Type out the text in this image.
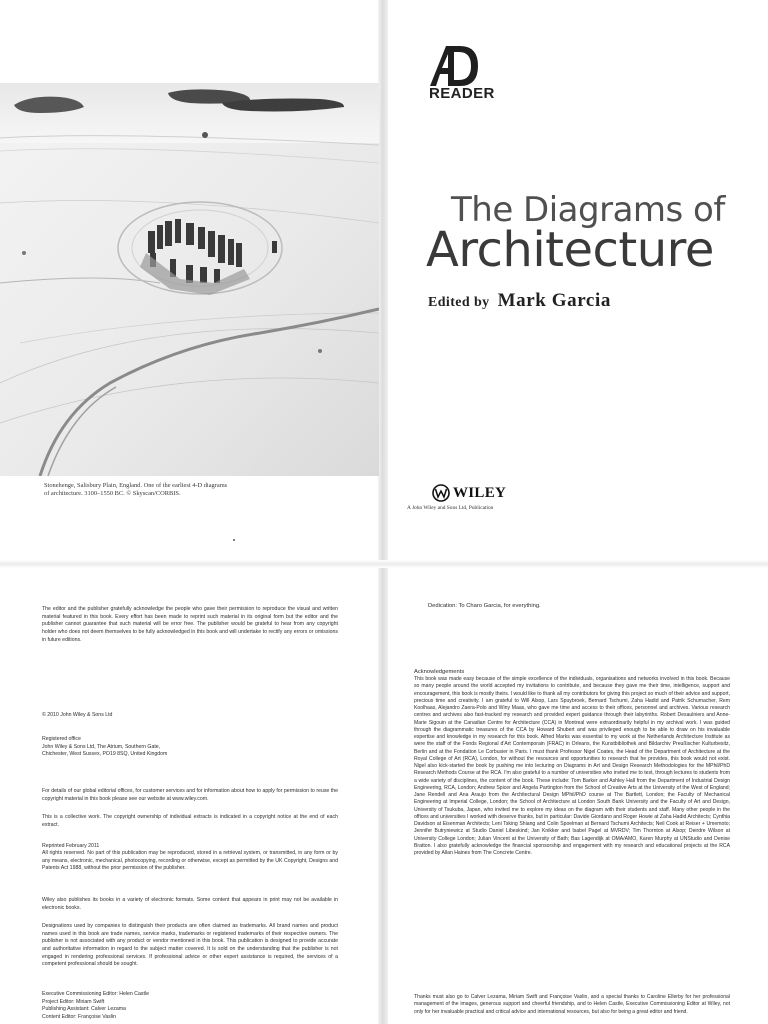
Stonehenge, Salisbury Plain, England. One of the earliest 4-D diagrams
of architecture. 3100–1550 BC. © Skyscan/CORBIS.
READER
The Diagrams of
Architecture
Edited by Mark Garcia
WILEY
A John Wiley and Sons Ltd, Publication

The editor and the publisher gratefully acknowledge the people who gave their permission to reproduce the visual and written material featured in this book. Every effort has been made to reprint such material in its original form but the editor and the publisher cannot guarantee that such material will be error free. The publisher would be grateful to hear from any copyright holder who does not deem themselves to be fully acknowledged in this book and will undertake to rectify any errors or omissions in future editions.

© 2010 John Wiley & Sons Ltd

Registered office
John Wiley & Sons Ltd, The Atrium, Southern Gate,
Chichester, West Sussex, PO19 8SQ, United Kingdom

For details of our global editorial offices, for customer services and for information about how to apply for permission to reuse the copyright material in this book please see our website at www.wiley.com.

This is a collective work. The copyright ownership of individual extracts is indicated in a copyright notice at the end of each extract.

Reprinted February 2011

All rights reserved. No part of this publication may be reproduced, stored in a retrieval system, or transmitted, in any form or by any means, electronic, mechanical, photocopying, recording or otherwise, except as permitted by the UK Copyright, Designs and Patents Act 1988, without the prior permission of the publisher.

Wiley also publishes its books in a variety of electronic formats. Some content that appears in print may not be available in electronic books.

Designations used by companies to distinguish their products are often claimed as trademarks. All brand names and product names used in this book are trade names, service marks, trademarks or registered trademarks of their respective owners. The publisher is not associated with any product or vendor mentioned in this book. This publication is designed to provide accurate and authoritative information in regard to the subject matter covered. It is sold on the understanding that the publisher is not engaged in rendering professional services. If professional advice or other expert assistance is required, the services of a competent professional should be sought.

Executive Commissioning Editor: Helen Castle
Project Editor: Miriam Swift
Publishing Assistant: Calver Lezama
Content Editor: Françoise Vaslin
Dedication: To Charo Garcia, for everything.
Acknowledgements

This book was made easy because of the simple excellence of the individuals, organisations and networks involved in this book. Because so many people around the world accepted my invitations to contribute, and because they gave me their time, intelligence, support and encouragement, this book is mostly theirs. I would like to thank all my contributors for giving this project so much of their advice and support, precious time and creativity. I am grateful to Will Alsop, Lars Spuybroek, Bernard Tschumi, Zaha Hadid and Patrik Schumacher, Rem Koolhaas, Alejandro Zaera-Polo and Winy Maas, who gave me time and access to their offices, personnel and archives. Various research centres and archives also fast-tracked my research and provided expert guidance through their labyrinths. Robert Desaulniers and Anne-Marie Sigouin at the Canadian Centre for Architecture (CCA) in Montreal were extraordinarily helpful in my archival work. I was guided through the diagrammatic treasures of the CCA by Howard Shubert and was privileged enough to be able to draw on his invaluable expertise and knowledge in my research for this book. Alfred Marks was essential to my work at the Netherlands Architecture Institute as were the staff of the Fonds Regional d'Art Contemporain (FRAC) in Orleans, the Kunstbibliothek and Bildarchiv Preußischer Kulturbesitz, Berlin and at the Fondation Le Corbusier in Paris. I must thank Professor Nigel Coates, the Head of the Department of Architecture at the Royal College of Art (RCA), London, for without the resources and opportunities to research that he provides, this book would not exist. Nigel also kick-started the book by pushing me into lecturing on Diagrams in Art and Design Research Methodologies for the MPhil/PhD Research Methods Course at the RCA. I'm also grateful to a number of universities who invited me to test, through lectures to students from a wide variety of disciplines, the content of the book. These include: Tom Barker and Ashley Hall from the Department of Industrial Design Engineering, RCA, London; Andrew Spicer and Angela Partington from the School of Creative Arts at the University of the West of England; Jane Rendell and Ana Araujo from the Architectural Design MPhil/PhD course at The Bartlett, London; the Faculty of Mechanical Engineering at Imperial College, London; the School of Architecture at London South Bank University and the Faculty of Art and Design, University of Tsukuba, Japan, who invited me to explore my ideas on the diagram with their students and staff. Many other people in the offices and universities I worked with deserve thanks, but in particular: Davide Giordano and Roger Howie at Zaha Hadid Architects; Cynthia Davidson at Eisenman Architects; Leni Tsking Shiang and Colin Spoelman at Bernard Tschumi Architects; Neil Cook at Reiser + Umemoto; Jennifer Butryniewicz at Studio Daniel Libeskind; Jan Knikker and Isabel Pagel at MVRDV; Tim Thornton at Alsop; Deirdre Wilson at University College London; Julian Vincent at the University of Bath; Bas Lagendijk at OMA/AMO, Karen Murphy at UNStudio and Denise Bratton. I also gratefully acknowledge the financial sponsorship and engagement with my research and educational projects at the RCA provided by Allan Haines from The Concrete Centre.

Thanks must also go to Calver Lezama, Miriam Swift and Françoise Vaslin, and a special thanks to Caroline Ellerby for her professional management of the images, generous support and cheerful friendship, and to Helen Castle, Executive Commissioning Editor at Wiley, not only for her invaluable practical and critical advice and international resources, but also for being a great editor and friend.
